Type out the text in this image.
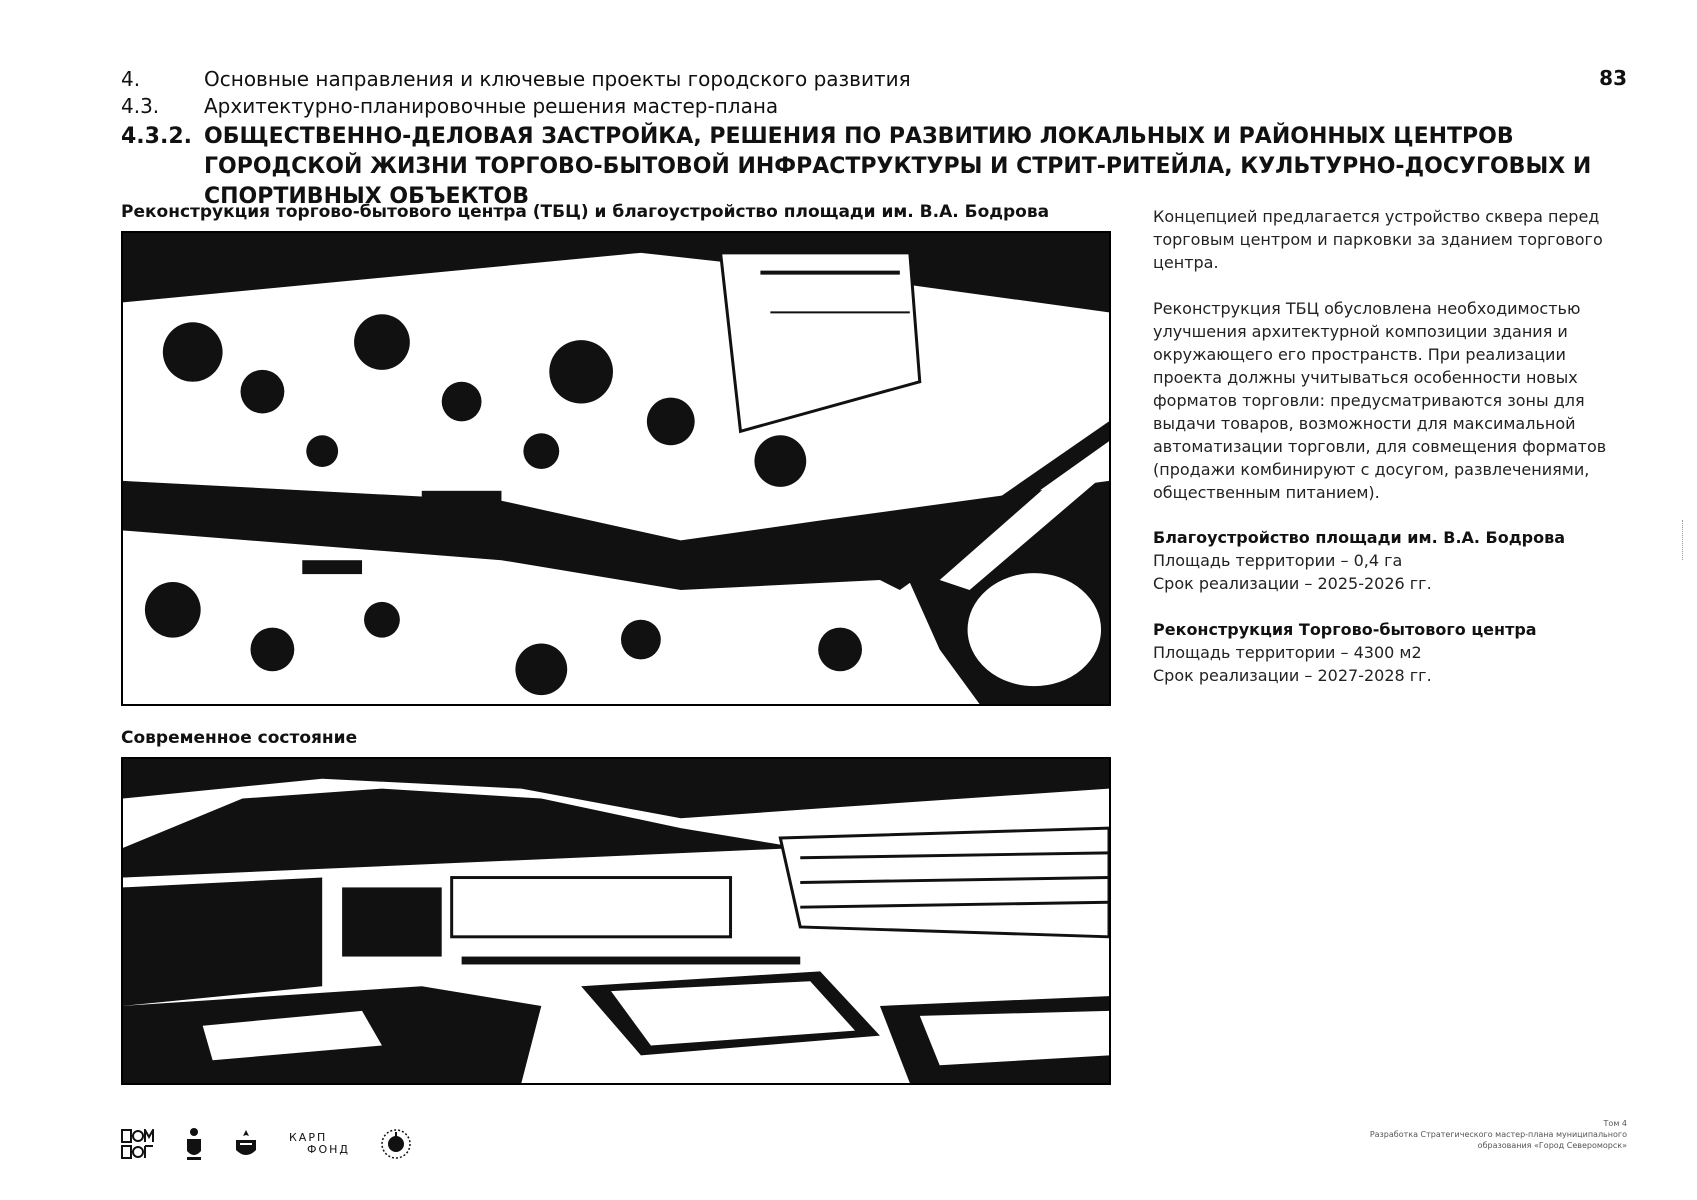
4.	Основные направления и ключевые проекты городского развития
4.3.	Архитектурно-планировочные решения мастер-плана
4.3.2. ОБЩЕСТВЕННО-ДЕЛОВАЯ ЗАСТРОЙКА, РЕШЕНИЯ ПО РАЗВИТИЮ ЛОКАЛЬНЫХ И РАЙОННЫХ ЦЕНТРОВ ГОРОДСКОЙ ЖИЗНИ ТОРГОВО-БЫТОВОЙ ИНФРАСТРУКТУРЫ И СТРИТ-РИТЕЙЛА, КУЛЬТУРНО-ДОСУГОВЫХ И СПОРТИВНЫХ ОБЪЕКТОВ
83
Реконструкция торгово-бытового центра (ТБЦ) и благоустройство площади им. В.А. Бодрова
Современное состояние
Концепцией предлагается устройство сквера перед торговым центром и парковки за зданием торгового центра.
Реконструкция ТБЦ обусловлена необходимостью улучшения архитектурной композиции здания и окружающего его пространств. При реализации проекта должны учитываться особенности новых форматов торговли: предусматриваются зоны для выдачи товаров, возможности для максимальной автоматизации торговли, для совмещения форматов (продажи комбинируют с досугом, развлечениями, общественным питанием).
Благоустройство площади им. В.А. Бодрова
Площадь территории – 0,4 га
Срок реализации – 2025-2026 гг.
Реконструкция Торгово-бытового центра
Площадь территории – 4300 м2
Срок реализации – 2027-2028 гг.
КАРП
ФОНД
Том 4
Разработка Стратегического мастер-плана муниципального
образования «Город Североморск»
